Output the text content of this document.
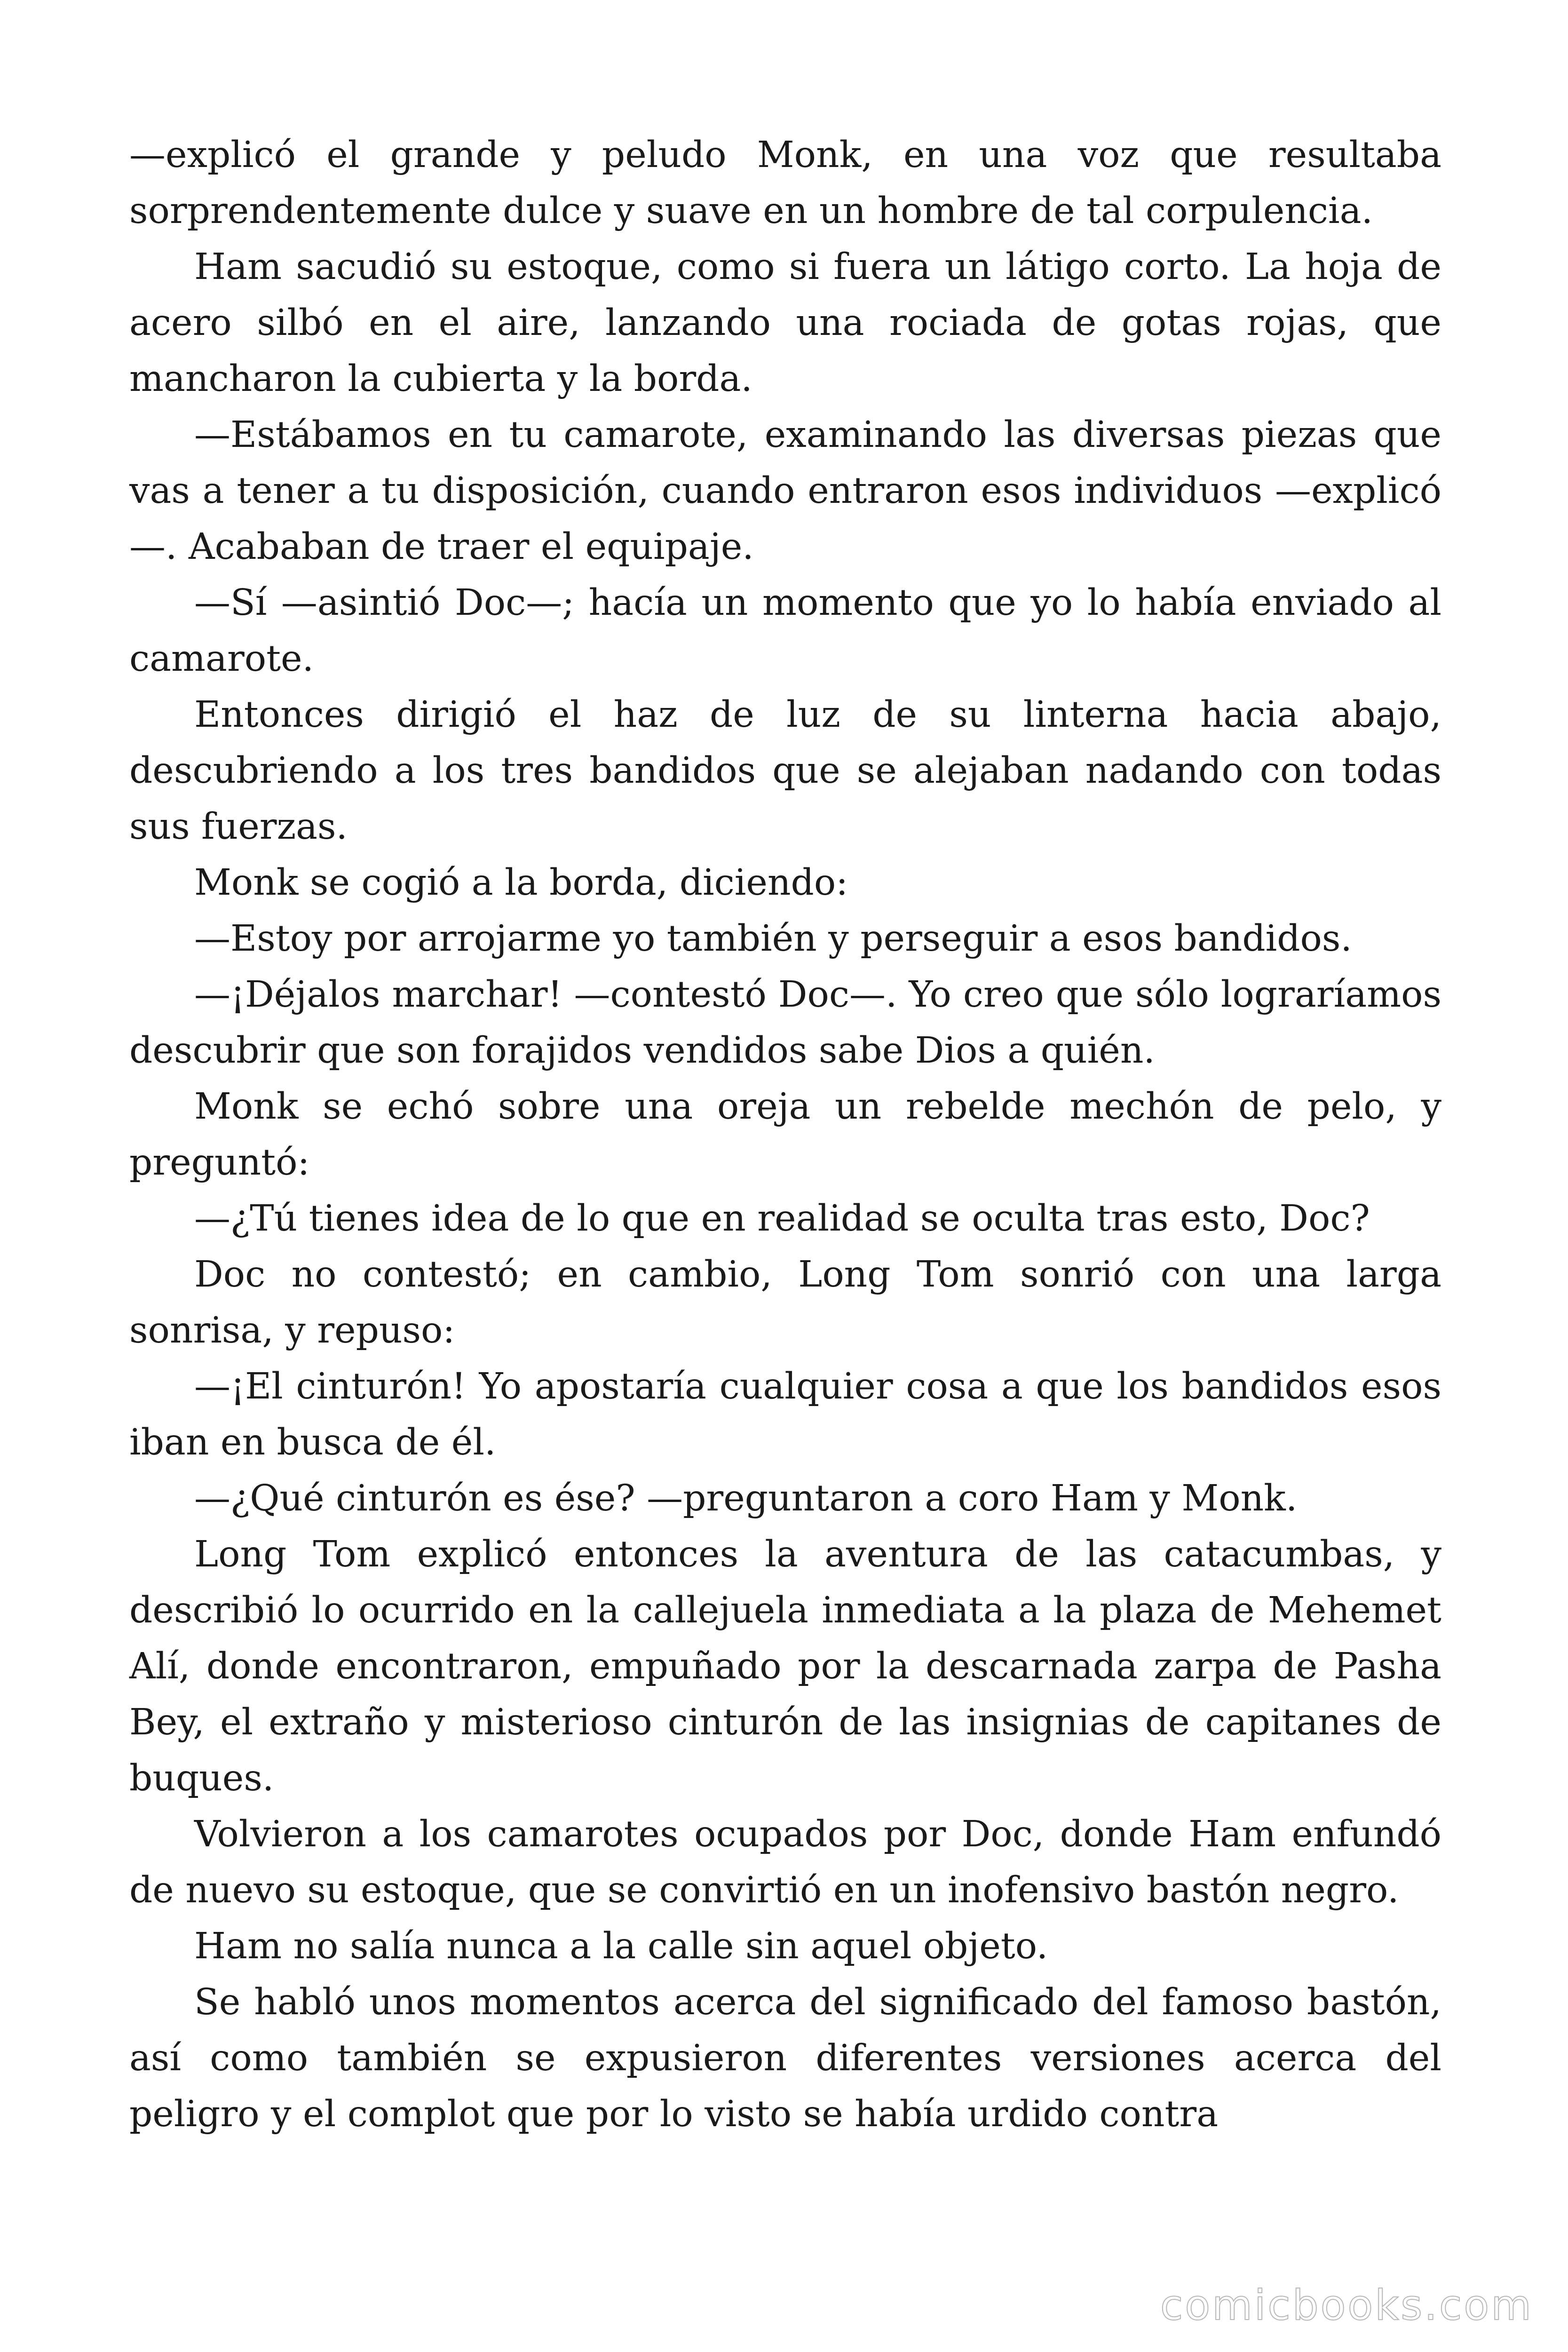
—explicó el grande y peludo Monk, en una voz que resultaba sorprendentemente dulce y suave en un hombre de tal corpulencia.

Ham sacudió su estoque, como si fuera un látigo corto. La hoja de acero silbó en el aire, lanzando una rociada de gotas rojas, que mancharon la cubierta y la borda.

—Estábamos en tu camarote, examinando las diversas piezas que vas a tener a tu disposición, cuando entraron esos individuos —explicó—. Acababan de traer el equipaje.

—Sí —asintió Doc—; hacía un momento que yo lo había enviado al camarote.

Entonces dirigió el haz de luz de su linterna hacia abajo, descubriendo a los tres bandidos que se alejaban nadando con todas sus fuerzas.

Monk se cogió a la borda, diciendo:

—Estoy por arrojarme yo también y perseguir a esos bandidos.

—¡Déjalos marchar! —contestó Doc—. Yo creo que sólo lograríamos descubrir que son forajidos vendidos sabe Dios a quién.

Monk se echó sobre una oreja un rebelde mechón de pelo, y preguntó:

—¿Tú tienes idea de lo que en realidad se oculta tras esto, Doc?

Doc no contestó; en cambio, Long Tom sonrió con una larga sonrisa, y repuso:

—¡El cinturón! Yo apostaría cualquier cosa a que los bandidos esos iban en busca de él.

—¿Qué cinturón es ése? —preguntaron a coro Ham y Monk.

Long Tom explicó entonces la aventura de las catacumbas, y describió lo ocurrido en la callejuela inmediata a la plaza de Mehemet Alí, donde encontraron, empuñado por la descarnada zarpa de Pasha Bey, el extraño y misterioso cinturón de las insignias de capitanes de buques.

Volvieron a los camarotes ocupados por Doc, donde Ham enfundó de nuevo su estoque, que se convirtió en un inofensivo bastón negro.

Ham no salía nunca a la calle sin aquel objeto.

Se habló unos momentos acerca del significado del famoso bastón, así como también se expusieron diferentes versiones acerca del peligro y el complot que por lo visto se había urdido contra

comicbooks.com
